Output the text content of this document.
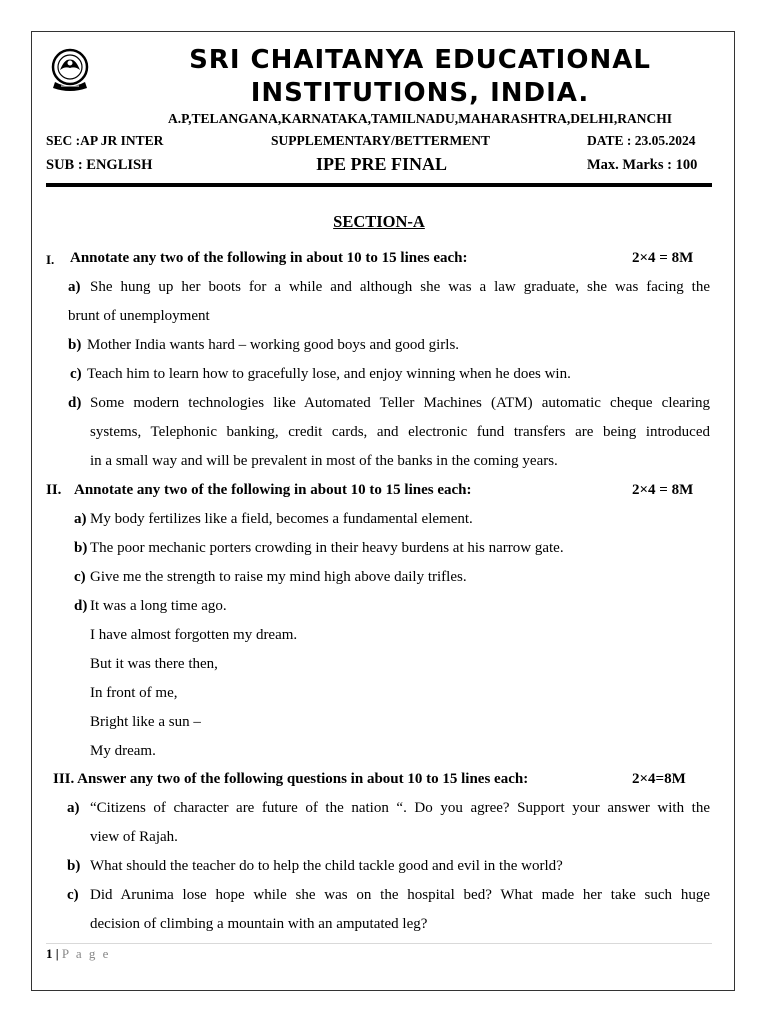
SRI CHAITANYA EDUCATIONAL INSTITUTIONS, INDIA.
A.P,TELANGANA,KARNATAKA,TAMILNADU,MAHARASHTRA,DELHI,RANCHI
SEC :AP JR INTER	SUPPLEMENTARY/BETTERMENT	DATE : 23.05.2024
SUB : ENGLISH	IPE PRE FINAL	Max. Marks : 100
SECTION-A
I. Annotate any two of the following in about 10 to 15 lines each:	2×4 = 8M
a) She hung up her boots for a while and although she was a law graduate, she was facing the
brunt of unemployment
b) Mother India wants hard – working good boys and good girls.
c) Teach him to learn how to gracefully lose, and enjoy winning when he does win.
d) Some modern technologies like Automated Teller Machines (ATM) automatic cheque clearing
systems, Telephonic banking, credit cards, and electronic fund transfers are being introduced
in a small way and will be prevalent in most of the banks in the coming years.
II. Annotate any two of the following in about 10 to 15 lines each:	2×4 = 8M
a) My body fertilizes like a field, becomes a fundamental element.
b) The poor mechanic porters crowding in their heavy burdens at his narrow gate.
c) Give me the strength to raise my mind high above daily trifles.
d) It was a long time ago.
I have almost forgotten my dream.
But it was there then,
In front of me,
Bright like a sun –
My dream.
III. Answer any two of the following questions in about 10 to 15 lines each:	2×4=8M
a) “Citizens of character are future of the nation “. Do you agree? Support your answer with the
view of Rajah.
b) What should the teacher do to help the child tackle good and evil in the world?
c) Did Arunima lose hope while she was on the hospital bed? What made her take such huge
decision of climbing a mountain with an amputated leg?
1 | P a g e
